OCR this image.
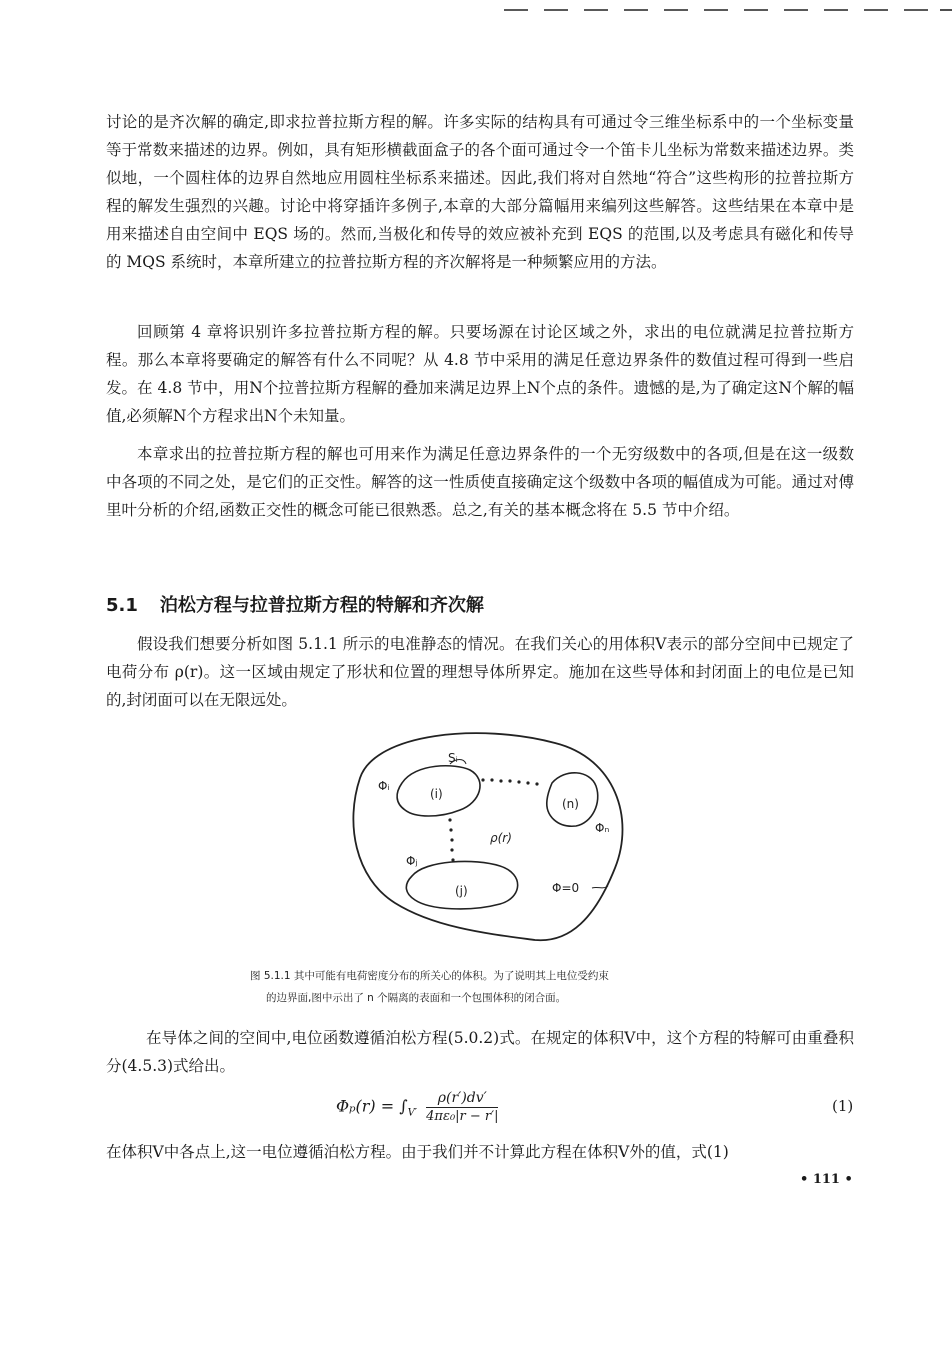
讨论的是齐次解的确定,即求拉普拉斯方程的解。许多实际的结构具有可通过令三维坐标系中的一个坐标变量等于常数来描述的边界。例如，具有矩形横截面盒子的各个面可通过令一个笛卡儿坐标为常数来描述边界。类似地，一个圆柱体的边界自然地应用圆柱坐标系来描述。因此,我们将对自然地“符合”这些构形的拉普拉斯方程的解发生强烈的兴趣。讨论中将穿插许多例子,本章的大部分篇幅用来编列这些解答。这些结果在本章中是用来描述自由空间中 EQS 场的。然而,当极化和传导的效应被补充到 EQS 的范围,以及考虑具有磁化和传导的 MQS 系统时，本章所建立的拉普拉斯方程的齐次解将是一种频繁应用的方法。

回顾第 4 章将识别许多拉普拉斯方程的解。只要场源在讨论区域之外，求出的电位就满足拉普拉斯方程。那么本章将要确定的解答有什么不同呢？从 4.8 节中采用的满足任意边界条件的数值过程可得到一些启发。在 4.8 节中，用N个拉普拉斯方程解的叠加来满足边界上N个点的条件。遗憾的是,为了确定这N个解的幅值,必须解N个方程求出N个未知量。

本章求出的拉普拉斯方程的解也可用来作为满足任意边界条件的一个无穷级数中的各项,但是在这一级数中各项的不同之处，是它们的正交性。解答的这一性质使直接确定这个级数中各项的幅值成为可能。通过对傅里叶分析的介绍,函数正交性的概念可能已很熟悉。总之,有关的基本概念将在 5.5 节中介绍。

5.1 泊松方程与拉普拉斯方程的特解和齐次解

假设我们想要分析如图 5.1.1 所示的电准静态的情况。在我们关心的用体积V表示的部分空间中已规定了电荷分布 ρ(r)。这一区域由规定了形状和位置的理想导体所界定。施加在这些导体和封闭面上的电位是已知的,封闭面可以在无限远处。

Sᵢ
Φᵢ
(i)
(n)
Φₙ
ρ(r)
Φⱼ
(j)	Φ=0
图 5.1.1 其中可能有电荷密度分布的所关心的体积。为了说明其上电位受约束
的边界面,图中示出了 n 个隔离的表面和一个包围体积的闭合面。

在导体之间的空间中,电位函数遵循泊松方程(5.0.2)式。在规定的体积V中，这个方程的特解可由重叠积分(4.5.3)式给出。

$\Phi_p(r) = \int_{V'} \frac{\rho(r')dv'}{\text{4πε₀|r − r′|}}$	(1)

在体积V中各点上,这一电位遵循泊松方程。由于我们并不计算此方程在体积V外的值，式(1)

• 111 •
